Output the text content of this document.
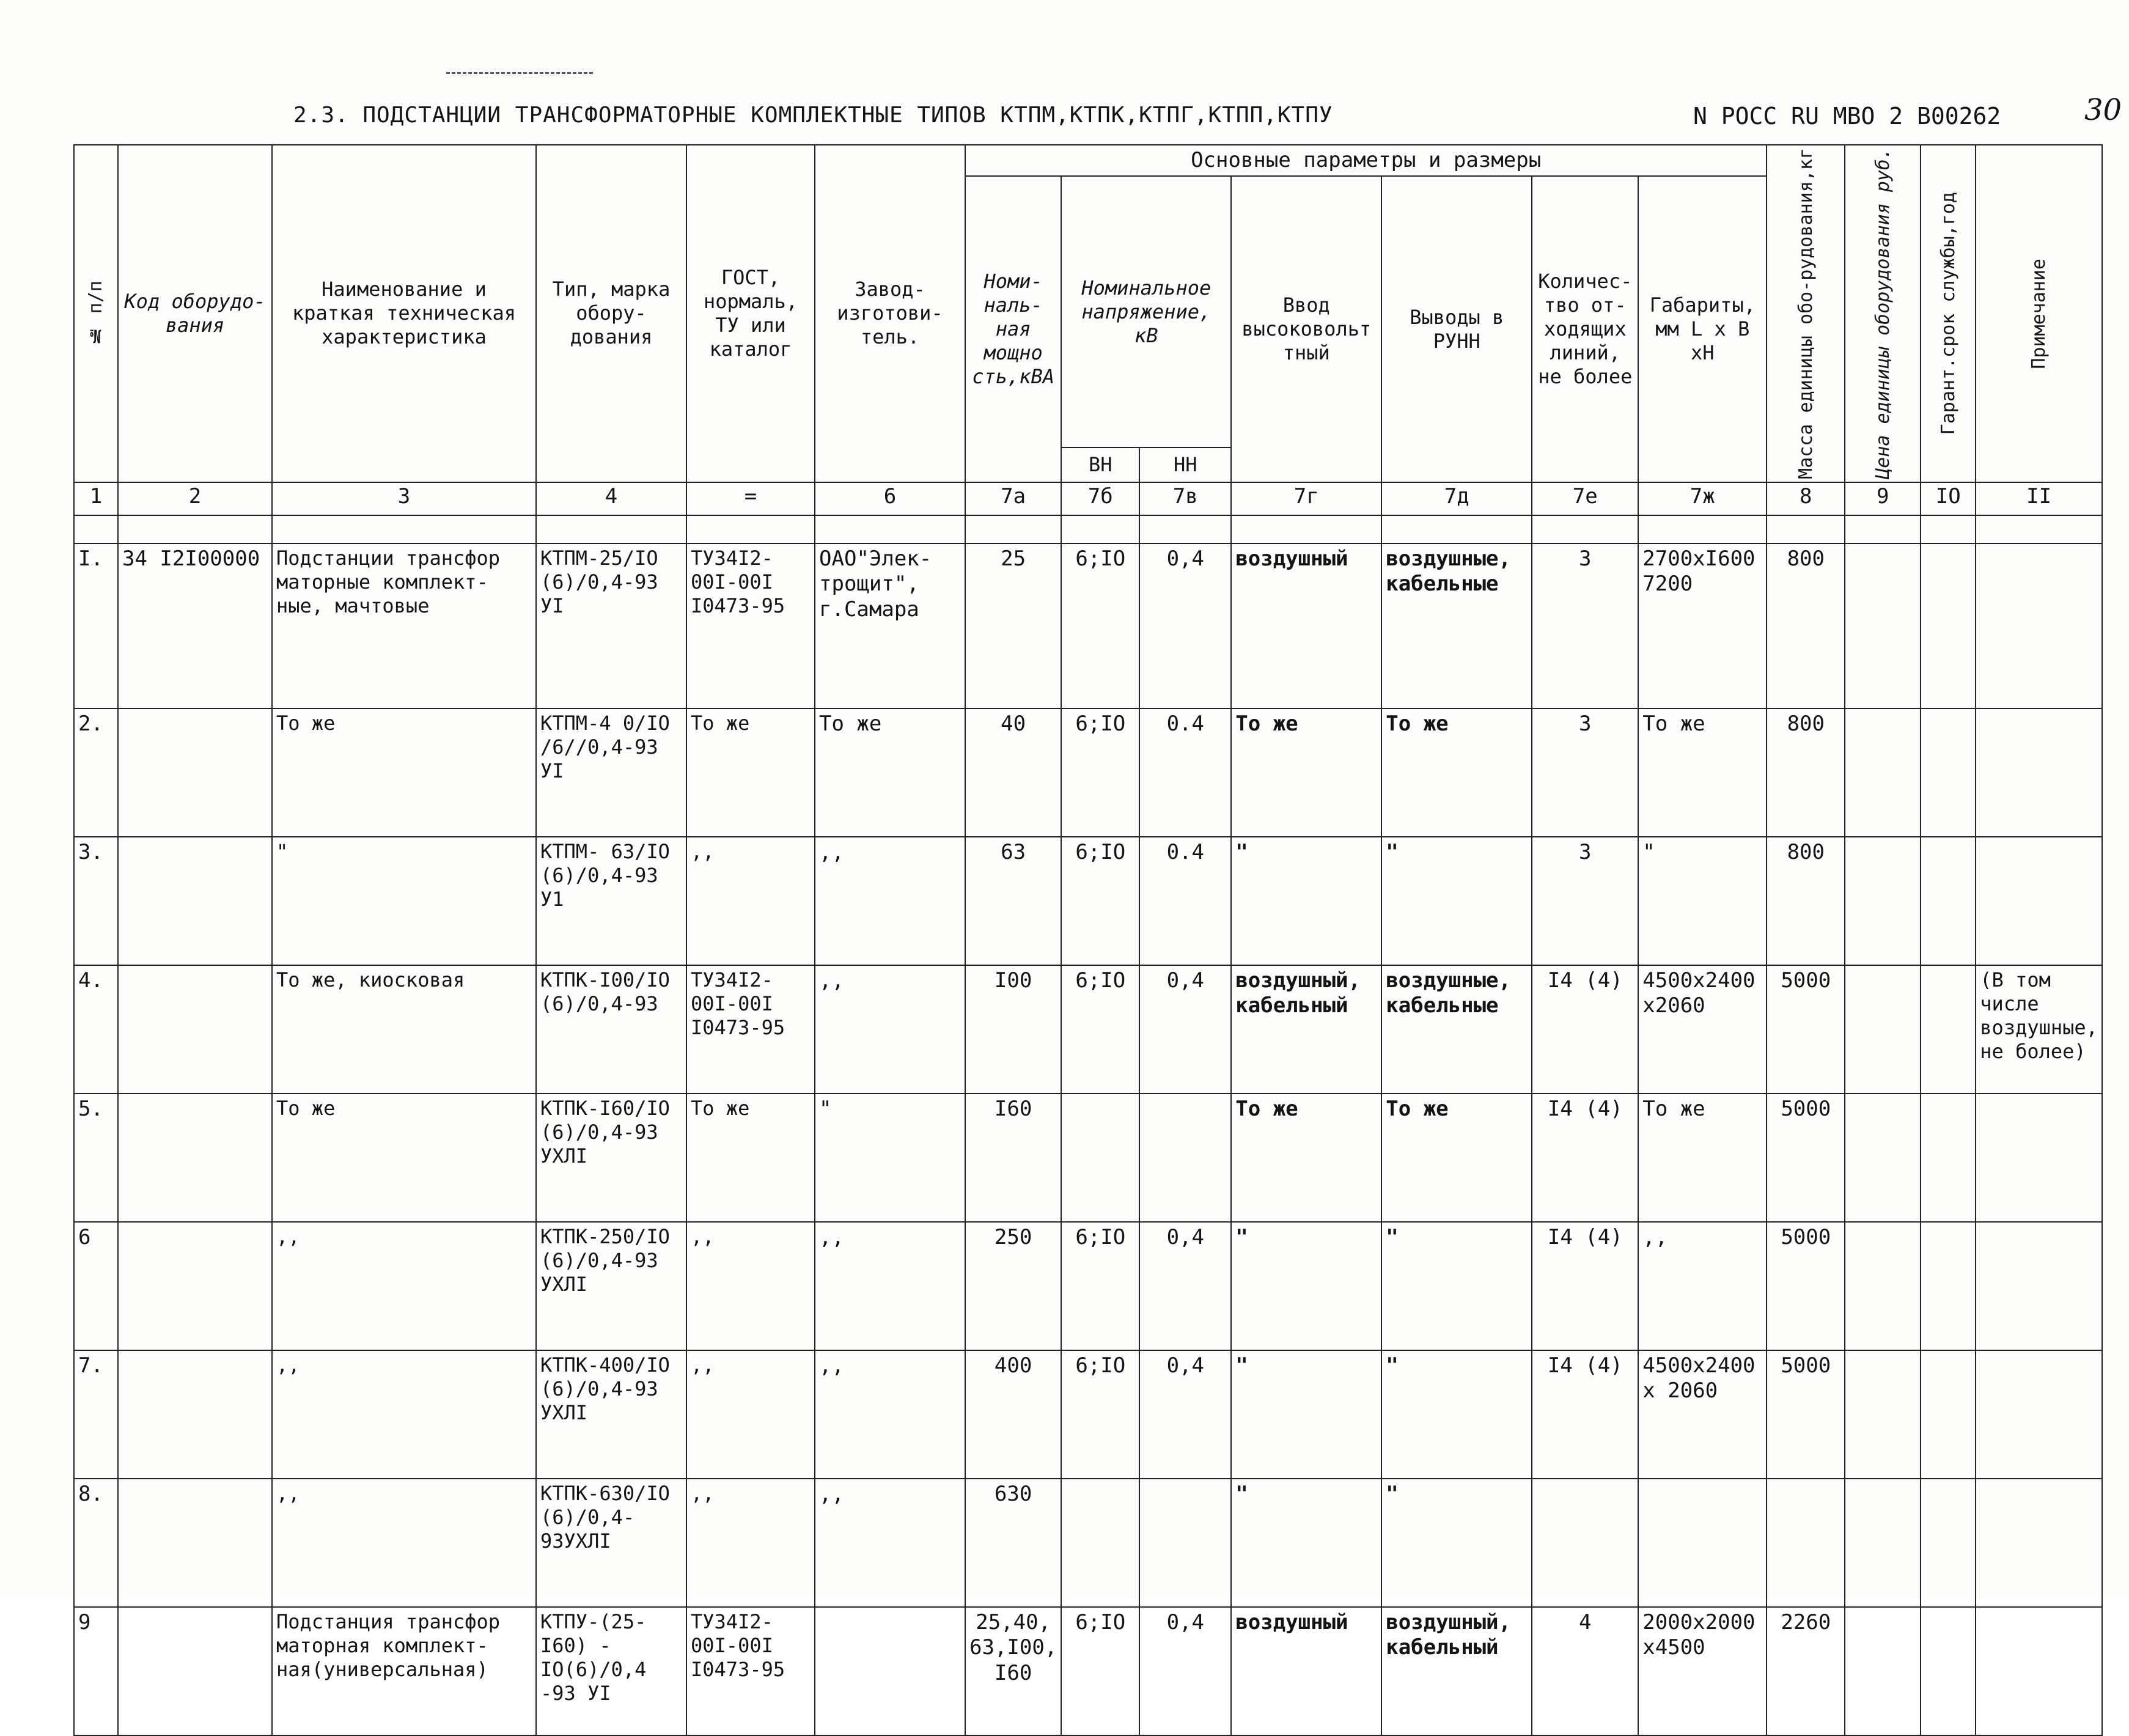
2.3. ПОДСТАНЦИИ ТРАНСФОРМАТОРНЫЕ КОМПЛЕКТНЫЕ ТИПОВ КТПМ,КТПК,КТПГ,КТПП,КТПУ	N РОСС RU МВО 2 В00262	30
№ п/п	Код оборудо-вания	Наименование и краткая техническая характеристика	Тип, марка обору-дования	ГОСТ, нормаль, ТУ или каталог	Завод-изготови-тель.	Основные параметры и размеры							Масса единицы обо-рудования,кг	Цена единицы оборудования руб.	Гарант.срок службы,год	Примечание

						Номи-наль-ная мощно сть,кВА	Номинальное напряжение, кВ		Ввод высоковольт тный	Выводы в РУНН	Количес-тво от-ходящих линий, не более	Габариты, мм L x B xH				
							ВН	НН								
1	2	3	4	=	6	7а	7б	7в	7г	7д	7е	7ж	8	9	IO	II

I.	34 I2I00000	Подстанции трансфор маторные комплект-ные, мачтовые	КТПМ-25/IO (6)/0,4-93 УI	ТУ34I2-00I-00I I0473-95	ОАО"Элек-трощит", г.Самара	25	6;IO	0,4	воздушный	воздушные, кабельные	3	2700xI600 7200	800			
2.		То же	КТПМ-4 0/IO /6//0,4-93 УI	То же	То же	40	6;IO	0.4	То же	То же	3	То же	800			
3.		"	КТПМ- 63/IO (6)/0,4-93 У1	,,	,,	63	6;IO	0.4	"	"	3	"	800			
4.		То же, киосковая	КТПК-I00/IO (6)/0,4-93	ТУ34I2-00I-00I I0473-95	,,	I00	6;IO	0,4	воздушный, кабельный	воздушные, кабельные	I4 (4)	4500x2400 x2060	5000			(В том числе воздушные, не более)
5.		То же	КТПК-I60/IO (6)/0,4-93 УХЛI	То же	"	I60			То же	То же	I4 (4)	То же	5000			
6		,,	КТПК-250/IO (6)/0,4-93 УХЛI	,,	,,	250	6;IO	0,4	"	"	I4 (4)	,,	5000			
7.		,,	КТПК-400/IO (6)/0,4-93 УХЛI	,,	,,	400	6;IO	0,4	"	"	I4 (4)	4500x2400 x 2060	5000			
8.		,,	КТПК-630/IO (6)/0,4-93УХЛI	,,	,,	630			"	"						
9		Подстанция трансфор маторная комплект-ная(универсальная)	КТПУ-(25-I60) -IO(6)/0,4 -93 УI	ТУ34I2-00I-00I I0473-95		25,40, 63,I00, I60	6;IO	0,4	воздушный	воздушный, кабельный	4	2000x2000 x4500	2260			
